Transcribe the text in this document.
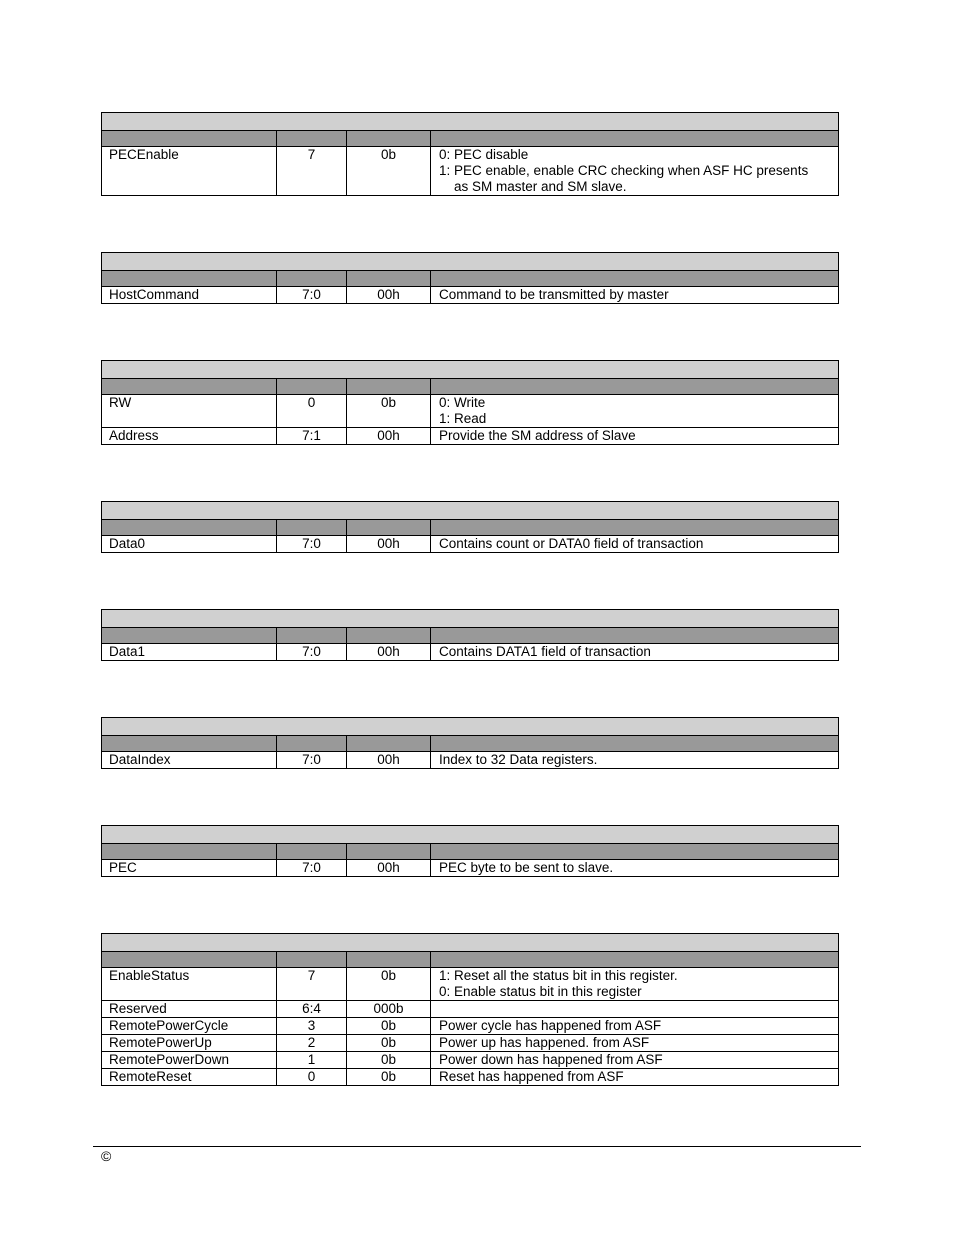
PECEnable	7	0b	0: PEC disable
1: PEC enable, enable CRC checking when ASF HC presents
as SM master and SM slave.

HostCommand	7:0	00h	Command to be transmitted by master

RW	0	0b	0: Write
1: Read

Address	7:1	00h	Provide the SM address of Slave

Data0	7:0	00h	Contains count or DATA0 field of transaction

Data1	7:0	00h	Contains DATA1 field of transaction

DataIndex	7:0	00h	Index to 32 Data registers.

PEC	7:0	00h	PEC byte to be sent to slave.

EnableStatus	7	0b	1: Reset all the status bit in this register.
0: Enable status bit in this register

Reserved	6:4	000b	
RemotePowerCycle	3	0b	Power cycle has happened from ASF
RemotePowerUp	2	0b	Power up has happened. from ASF
RemotePowerDown	1	0b	Power down has happened from ASF
RemoteReset	0	0b	Reset has happened from ASF
©
